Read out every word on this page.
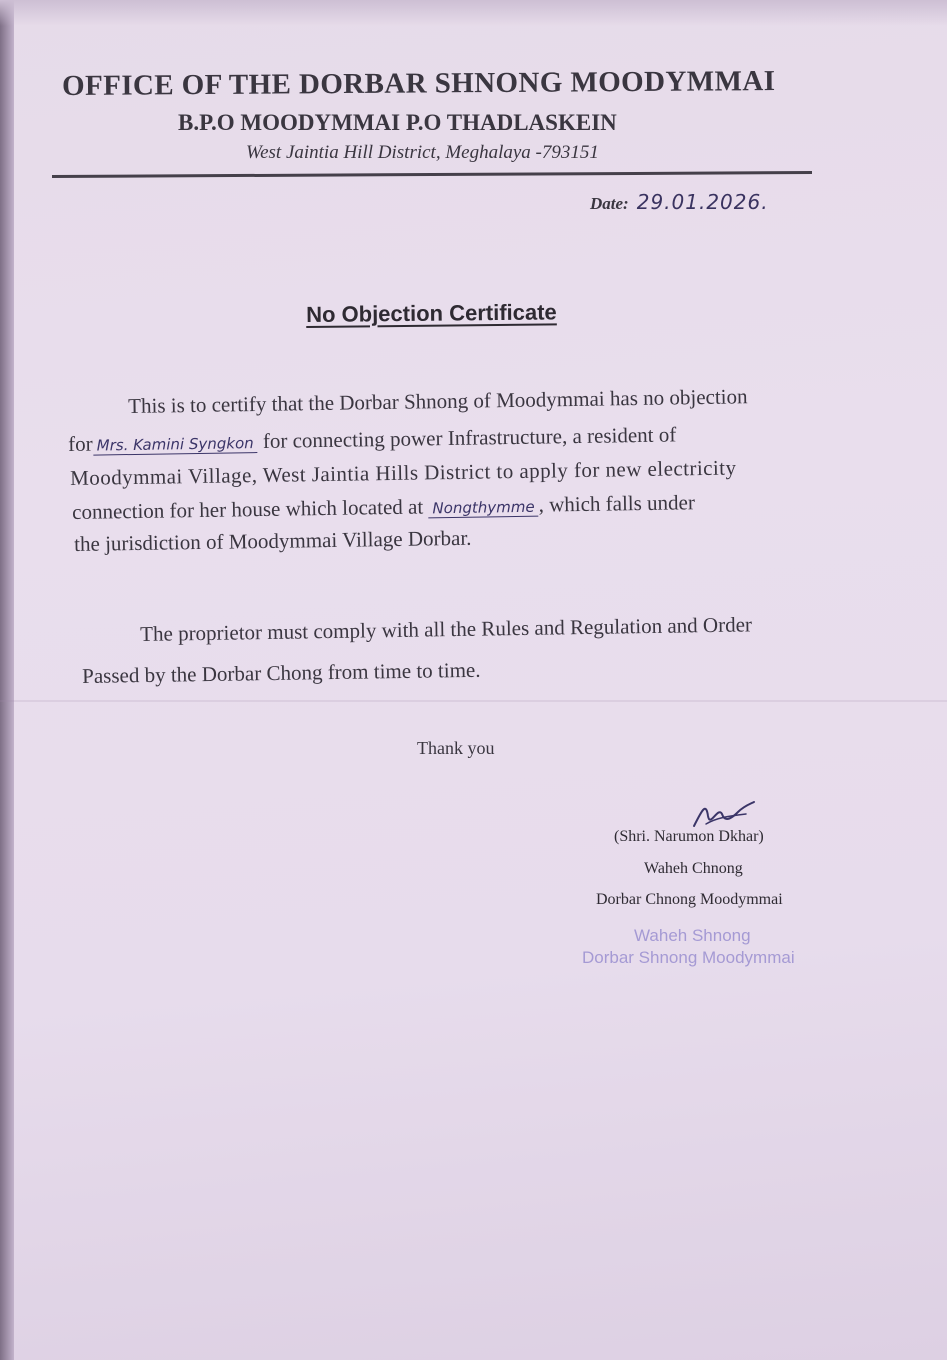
OFFICE OF THE DORBAR SHNONG MOODYMMAI
B.P.O MOODYMMAI P.O THADLASKEIN
West Jaintia Hill District, Meghalaya -793151
Date: 29.01.2026.
No Objection Certificate
This is to certify that the Dorbar Shnong of Moodymmai has no objection
for Mrs. Kamini Syngkon for connecting power Infrastructure, a resident of
Moodymmai Village, West Jaintia Hills District to apply for new electricity
connection for her house which located at Nongthymme , which falls under
the jurisdiction of Moodymmai Village Dorbar.
The proprietor must comply with all the Rules and Regulation and Order
Passed by the Dorbar Chong from time to time.
Thank you
(Shri. Narumon Dkhar)
Waheh Chnong
Dorbar Chnong Moodymmai
Waheh Shnong
Dorbar Shnong Moodymmai
